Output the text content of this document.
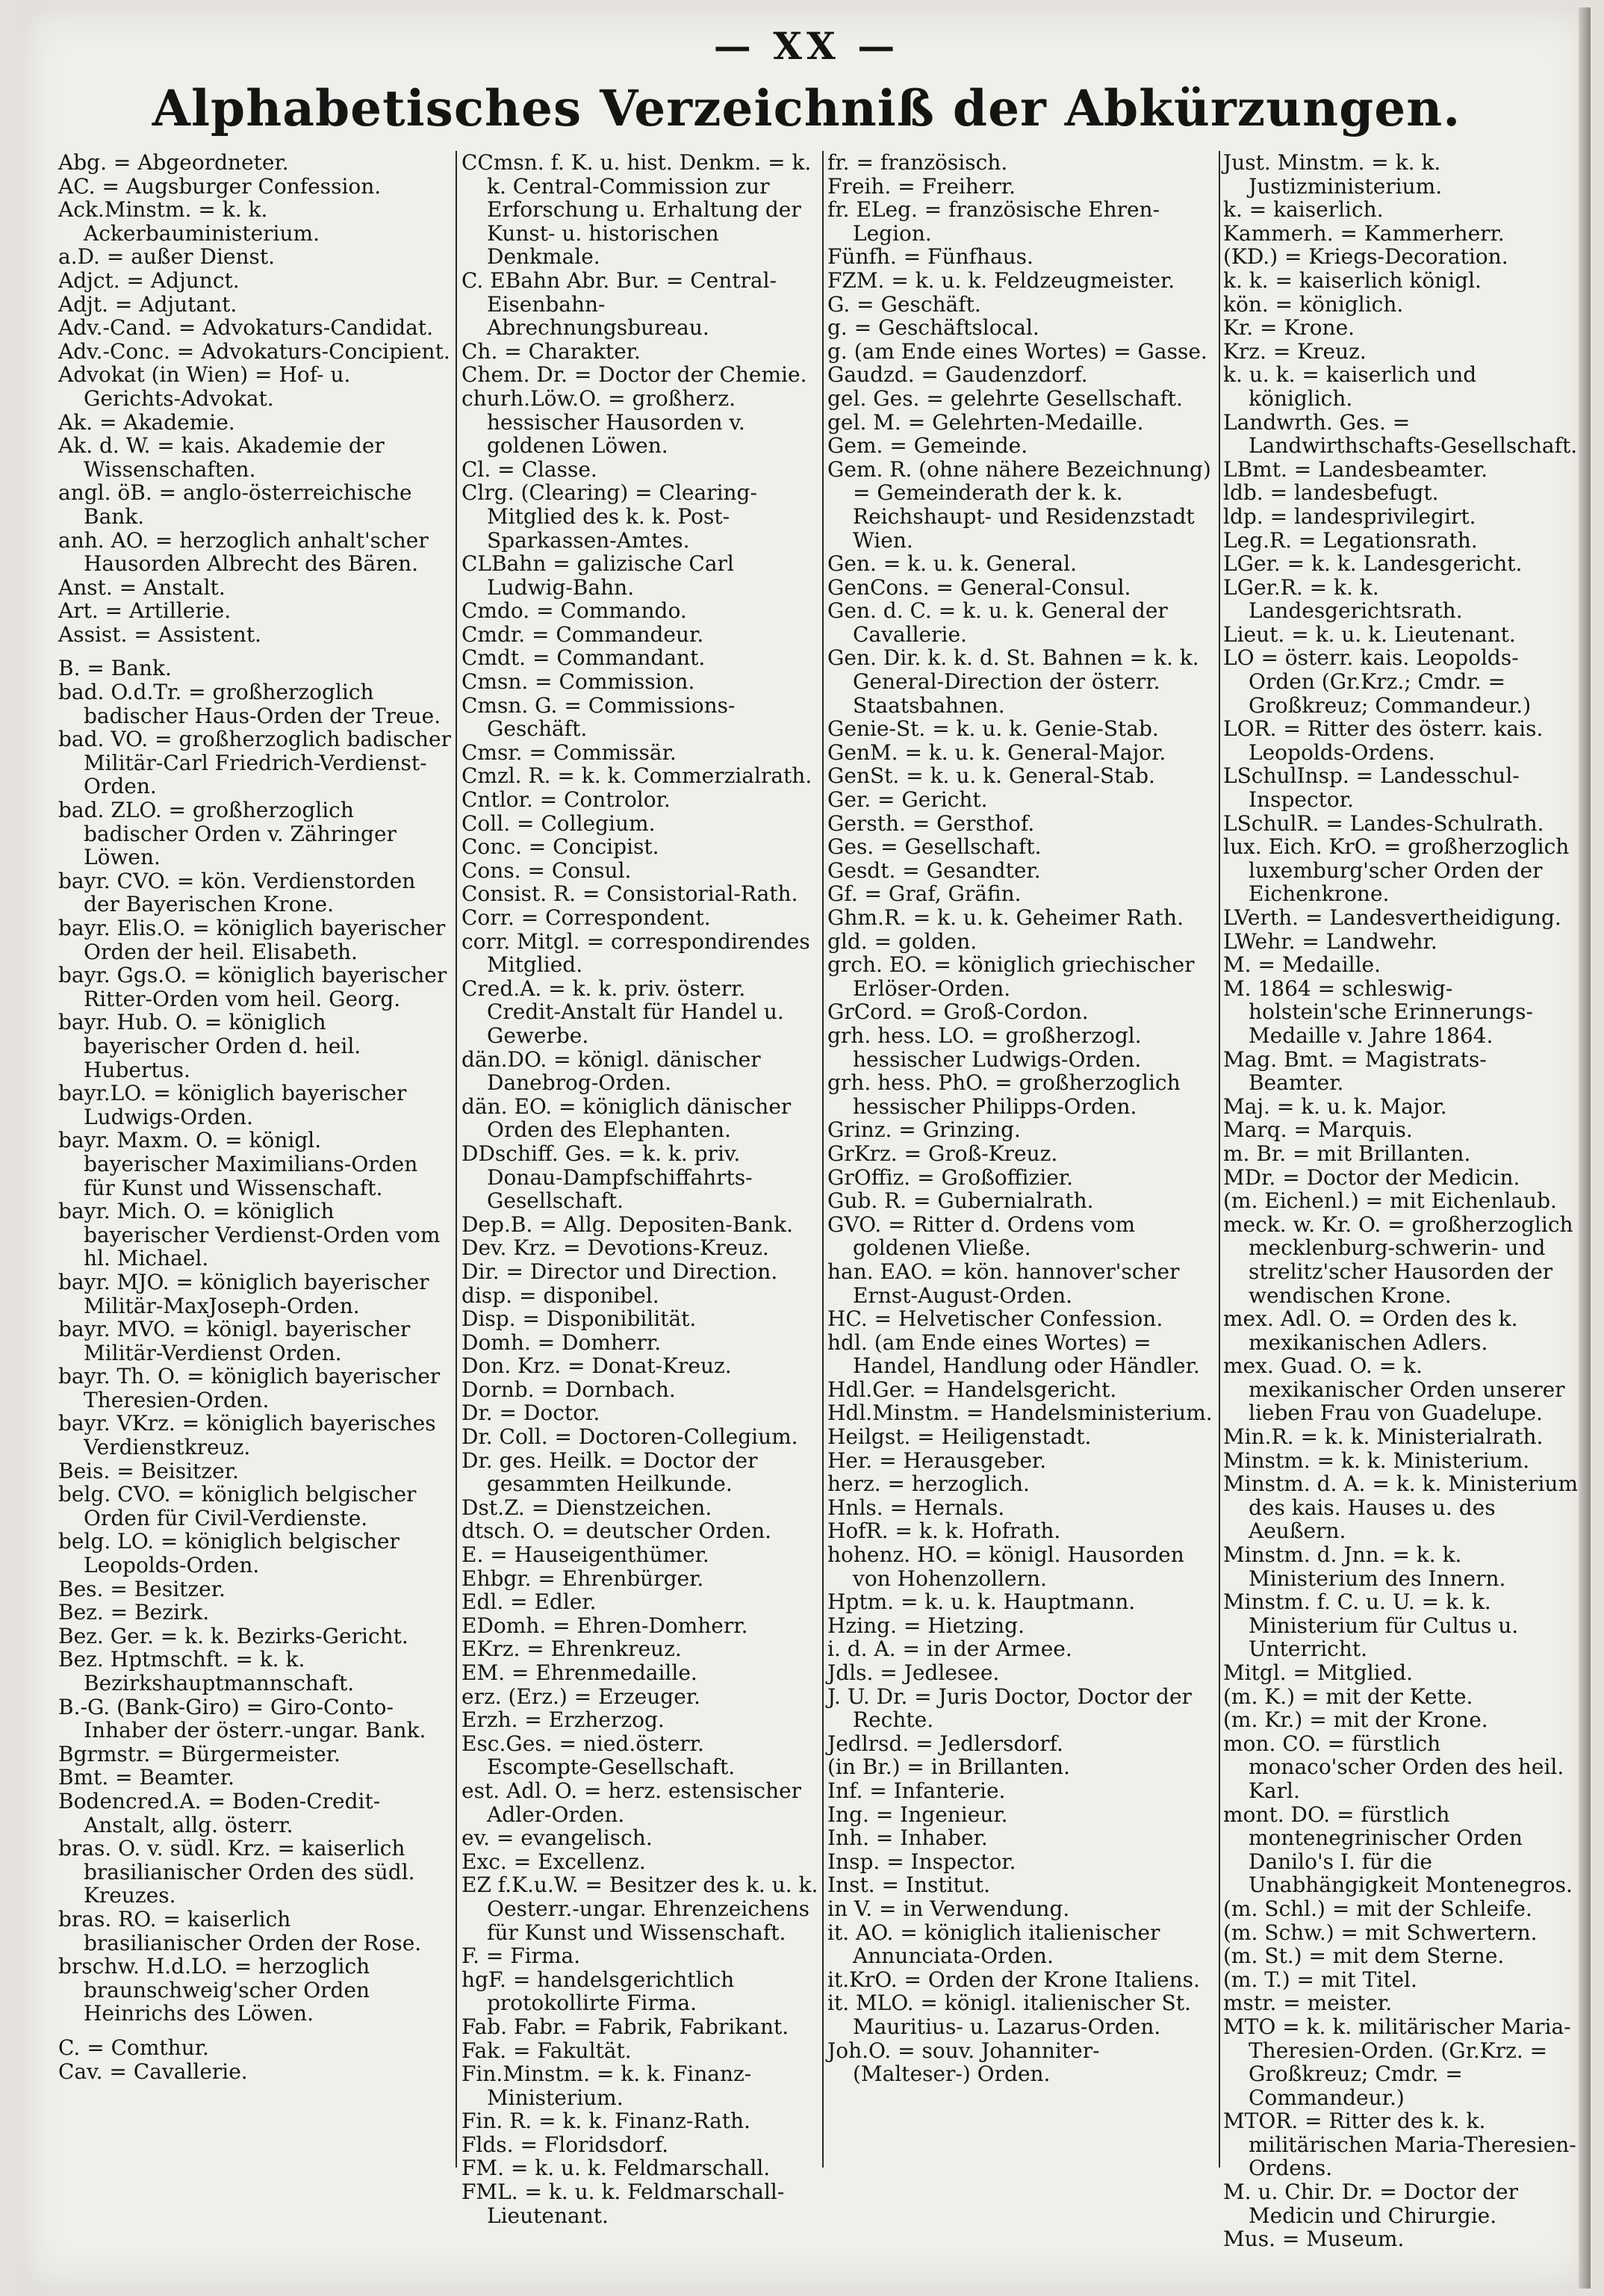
— XX —
Alphabetisches Verzeichniß der Abkürzungen.

Abg. = Abgeordneter.

AC. = Augsburger Confession.

Ack.Minstm. = k. k. Ackerbauministerium.

a.D. = außer Dienst.

Adjct. = Adjunct.

Adjt. = Adjutant.

Adv.-Cand. = Advokaturs-Candidat.

Adv.-Conc. = Advokaturs-Concipient.

Advokat (in Wien) = Hof- u. Gerichts-Advokat.

Ak. = Akademie.

Ak. d. W. = kais. Akademie der Wissenschaften.

angl. öB. = anglo-österreichische Bank.

anh. AO. = herzoglich anhalt'scher Hausorden Albrecht des Bären.

Anst. = Anstalt.

Art. = Artillerie.

Assist. = Assistent.

B. = Bank.

bad. O.d.Tr. = großherzoglich badischer Haus-Orden der Treue.

bad. VO. = großherzoglich badischer Militär-Carl Friedrich-Verdienst-Orden.

bad. ZLO. = großherzoglich badischer Orden v. Zähringer Löwen.

bayr. CVO. = kön. Verdienstorden der Bayerischen Krone.

bayr. Elis.O. = königlich bayerischer Orden der heil. Elisabeth.

bayr. Ggs.O. = königlich bayerischer Ritter-Orden vom heil. Georg.

bayr. Hub. O. = königlich bayerischer Orden d. heil. Hubertus.

bayr.LO. = königlich bayerischer Ludwigs-Orden.

bayr. Maxm. O. = königl. bayerischer Maximilians-Orden für Kunst und Wissenschaft.

bayr. Mich. O. = königlich bayerischer Verdienst-Orden vom hl. Michael.

bayr. MJO. = königlich bayerischer Militär-MaxJoseph-Orden.

bayr. MVO. = königl. bayerischer Militär-Verdienst Orden.

bayr. Th. O. = königlich bayerischer Theresien-Orden.

bayr. VKrz. = königlich bayerisches Verdienstkreuz.

Beis. = Beisitzer.

belg. CVO. = königlich belgischer Orden für Civil-Verdienste.

belg. LO. = königlich belgischer Leopolds-Orden.

Bes. = Besitzer.

Bez. = Bezirk.

Bez. Ger. = k. k. Bezirks-Gericht.

Bez. Hptmschft. = k. k. Bezirkshauptmannschaft.

B.-G. (Bank-Giro) = Giro-Conto-Inhaber der österr.-ungar. Bank.

Bgrmstr. = Bürgermeister.

Bmt. = Beamter.

Bodencred.A. = Boden-Credit-Anstalt, allg. österr.

bras. O. v. südl. Krz. = kaiserlich brasilianischer Orden des südl. Kreuzes.

bras. RO. = kaiserlich brasilianischer Orden der Rose.

brschw. H.d.LO. = herzoglich braunschweig'scher Orden Heinrichs des Löwen.

C. = Comthur.

Cav. = Cavallerie.

CCmsn. f. K. u. hist. Denkm. = k. k. Central-Commission zur Erforschung u. Erhaltung der Kunst- u. historischen Denkmale.

C. EBahn Abr. Bur. = Central-Eisenbahn-Abrechnungsbureau.

Ch. = Charakter.

Chem. Dr. = Doctor der Chemie.

churh.Löw.O. = großherz. hessischer Hausorden v. goldenen Löwen.

Cl. = Classe.

Clrg. (Clearing) = Clearing-Mitglied des k. k. Post-Sparkassen-Amtes.

CLBahn = galizische Carl Ludwig-Bahn.

Cmdo. = Commando.

Cmdr. = Commandeur.

Cmdt. = Commandant.

Cmsn. = Commission.

Cmsn. G. = Commissions-Geschäft.

Cmsr. = Commissär.

Cmzl. R. = k. k. Commerzialrath.

Cntlor. = Controlor.

Coll. = Collegium.

Conc. = Concipist.

Cons. = Consul.

Consist. R. = Consistorial-Rath.

Corr. = Correspondent.

corr. Mitgl. = correspondirendes Mitglied.

Cred.A. = k. k. priv. österr. Credit-Anstalt für Handel u. Gewerbe.

dän.DO. = königl. dänischer Danebrog-Orden.

dän. EO. = königlich dänischer Orden des Elephanten.

DDschiff. Ges. = k. k. priv. Donau-Dampfschiffahrts-Gesellschaft.

Dep.B. = Allg. Depositen-Bank.

Dev. Krz. = Devotions-Kreuz.

Dir. = Director und Direction.

disp. = disponibel.

Disp. = Disponibilität.

Domh. = Domherr.

Don. Krz. = Donat-Kreuz.

Dornb. = Dornbach.

Dr. = Doctor.

Dr. Coll. = Doctoren-Collegium.

Dr. ges. Heilk. = Doctor der gesammten Heilkunde.

Dst.Z. = Dienstzeichen.

dtsch. O. = deutscher Orden.

E. = Hauseigenthümer.

Ehbgr. = Ehrenbürger.

Edl. = Edler.

EDomh. = Ehren-Domherr.

EKrz. = Ehrenkreuz.

EM. = Ehrenmedaille.

erz. (Erz.) = Erzeuger.

Erzh. = Erzherzog.

Esc.Ges. = nied.österr. Escompte-Gesellschaft.

est. Adl. O. = herz. estensischer Adler-Orden.

ev. = evangelisch.

Exc. = Excellenz.

EZ f.K.u.W. = Besitzer des k. u. k. Oesterr.-ungar. Ehrenzeichens für Kunst und Wissenschaft.

F. = Firma.

hgF. = handelsgerichtlich protokollirte Firma.

Fab. Fabr. = Fabrik, Fabrikant.

Fak. = Fakultät.

Fin.Minstm. = k. k. Finanz-Ministerium.

Fin. R. = k. k. Finanz-Rath.

Flds. = Floridsdorf.

FM. = k. u. k. Feldmarschall.

FML. = k. u. k. Feldmarschall-Lieutenant.

fr. = französisch.

Freih. = Freiherr.

fr. ELeg. = französische Ehren-Legion.

Fünfh. = Fünfhaus.

FZM. = k. u. k. Feldzeugmeister.

G. = Geschäft.

g. = Geschäftslocal.

g. (am Ende eines Wortes) = Gasse.

Gaudzd. = Gaudenzdorf.

gel. Ges. = gelehrte Gesellschaft.

gel. M. = Gelehrten-Medaille.

Gem. = Gemeinde.

Gem. R. (ohne nähere Bezeichnung) = Gemeinderath der k. k. Reichshaupt- und Residenzstadt Wien.

Gen. = k. u. k. General.

GenCons. = General-Consul.

Gen. d. C. = k. u. k. General der Cavallerie.

Gen. Dir. k. k. d. St. Bahnen = k. k. General-Direction der österr. Staatsbahnen.

Genie-St. = k. u. k. Genie-Stab.

GenM. = k. u. k. General-Major.

GenSt. = k. u. k. General-Stab.

Ger. = Gericht.

Gersth. = Gersthof.

Ges. = Gesellschaft.

Gesdt. = Gesandter.

Gf. = Graf, Gräfin.

Ghm.R. = k. u. k. Geheimer Rath.

gld. = golden.

grch. EO. = königlich griechischer Erlöser-Orden.

GrCord. = Groß-Cordon.

grh. hess. LO. = großherzogl. hessischer Ludwigs-Orden.

grh. hess. PhO. = großherzoglich hessischer Philipps-Orden.

Grinz. = Grinzing.

GrKrz. = Groß-Kreuz.

GrOffiz. = Großoffizier.

Gub. R. = Gubernialrath.

GVO. = Ritter d. Ordens vom goldenen Vließe.

han. EAO. = kön. hannover'scher Ernst-August-Orden.

HC. = Helvetischer Confession.

hdl. (am Ende eines Wortes) = Handel, Handlung oder Händler.

Hdl.Ger. = Handelsgericht.

Hdl.Minstm. = Handelsministerium.

Heilgst. = Heiligenstadt.

Her. = Herausgeber.

herz. = herzoglich.

Hnls. = Hernals.

HofR. = k. k. Hofrath.

hohenz. HO. = königl. Hausorden von Hohenzollern.

Hptm. = k. u. k. Hauptmann.

Hzing. = Hietzing.

i. d. A. = in der Armee.

Jdls. = Jedlesee.

J. U. Dr. = Juris Doctor, Doctor der Rechte.

Jedlrsd. = Jedlersdorf.

(in Br.) = in Brillanten.

Inf. = Infanterie.

Ing. = Ingenieur.

Inh. = Inhaber.

Insp. = Inspector.

Inst. = Institut.

in V. = in Verwendung.

it. AO. = königlich italienischer Annunciata-Orden.

it.KrO. = Orden der Krone Italiens.

it. MLO. = königl. italienischer St. Mauritius- u. Lazarus-Orden.

Joh.O. = souv. Johanniter-(Malteser-) Orden.

Just. Minstm. = k. k. Justizministerium.

k. = kaiserlich.

Kammerh. = Kammerherr.

(KD.) = Kriegs-Decoration.

k. k. = kaiserlich königl.

kön. = königlich.

Kr. = Krone.

Krz. = Kreuz.

k. u. k. = kaiserlich und königlich.

Landwrth. Ges. = Landwirthschafts-Gesellschaft.

LBmt. = Landesbeamter.

ldb. = landesbefugt.

ldp. = landesprivilegirt.

Leg.R. = Legationsrath.

LGer. = k. k. Landesgericht.

LGer.R. = k. k. Landesgerichtsrath.

Lieut. = k. u. k. Lieutenant.

LO = österr. kais. Leopolds-Orden (Gr.Krz.; Cmdr. = Großkreuz; Commandeur.)

LOR. = Ritter des österr. kais. Leopolds-Ordens.

LSchulInsp. = Landesschul-Inspector.

LSchulR. = Landes-Schulrath.

lux. Eich. KrO. = großherzoglich luxemburg'scher Orden der Eichenkrone.

LVerth. = Landesvertheidigung.

LWehr. = Landwehr.

M. = Medaille.

M. 1864 = schleswig-holstein'sche Erinnerungs-Medaille v. Jahre 1864.

Mag. Bmt. = Magistrats-Beamter.

Maj. = k. u. k. Major.

Marq. = Marquis.

m. Br. = mit Brillanten.

MDr. = Doctor der Medicin.

(m. Eichenl.) = mit Eichenlaub.

meck. w. Kr. O. = großherzoglich mecklenburg-schwerin- und strelitz'scher Hausorden der wendischen Krone.

mex. Adl. O. = Orden des k. mexikanischen Adlers.

mex. Guad. O. = k. mexikanischer Orden unserer lieben Frau von Guadelupe.

Min.R. = k. k. Ministerialrath.

Minstm. = k. k. Ministerium.

Minstm. d. A. = k. k. Ministerium des kais. Hauses u. des Aeußern.

Minstm. d. Jnn. = k. k. Ministerium des Innern.

Minstm. f. C. u. U. = k. k. Ministerium für Cultus u. Unterricht.

Mitgl. = Mitglied.

(m. K.) = mit der Kette.

(m. Kr.) = mit der Krone.

mon. CO. = fürstlich monaco'scher Orden des heil. Karl.

mont. DO. = fürstlich montenegrinischer Orden Danilo's I. für die Unabhängigkeit Montenegros.

(m. Schl.) = mit der Schleife.

(m. Schw.) = mit Schwertern.

(m. St.) = mit dem Sterne.

(m. T.) = mit Titel.

mstr. = meister.

MTO = k. k. militärischer Maria-Theresien-Orden. (Gr.Krz. = Großkreuz; Cmdr. = Commandeur.)

MTOR. = Ritter des k. k. militärischen Maria-Theresien-Ordens.

M. u. Chir. Dr. = Doctor der Medicin und Chirurgie.

Mus. = Museum.
